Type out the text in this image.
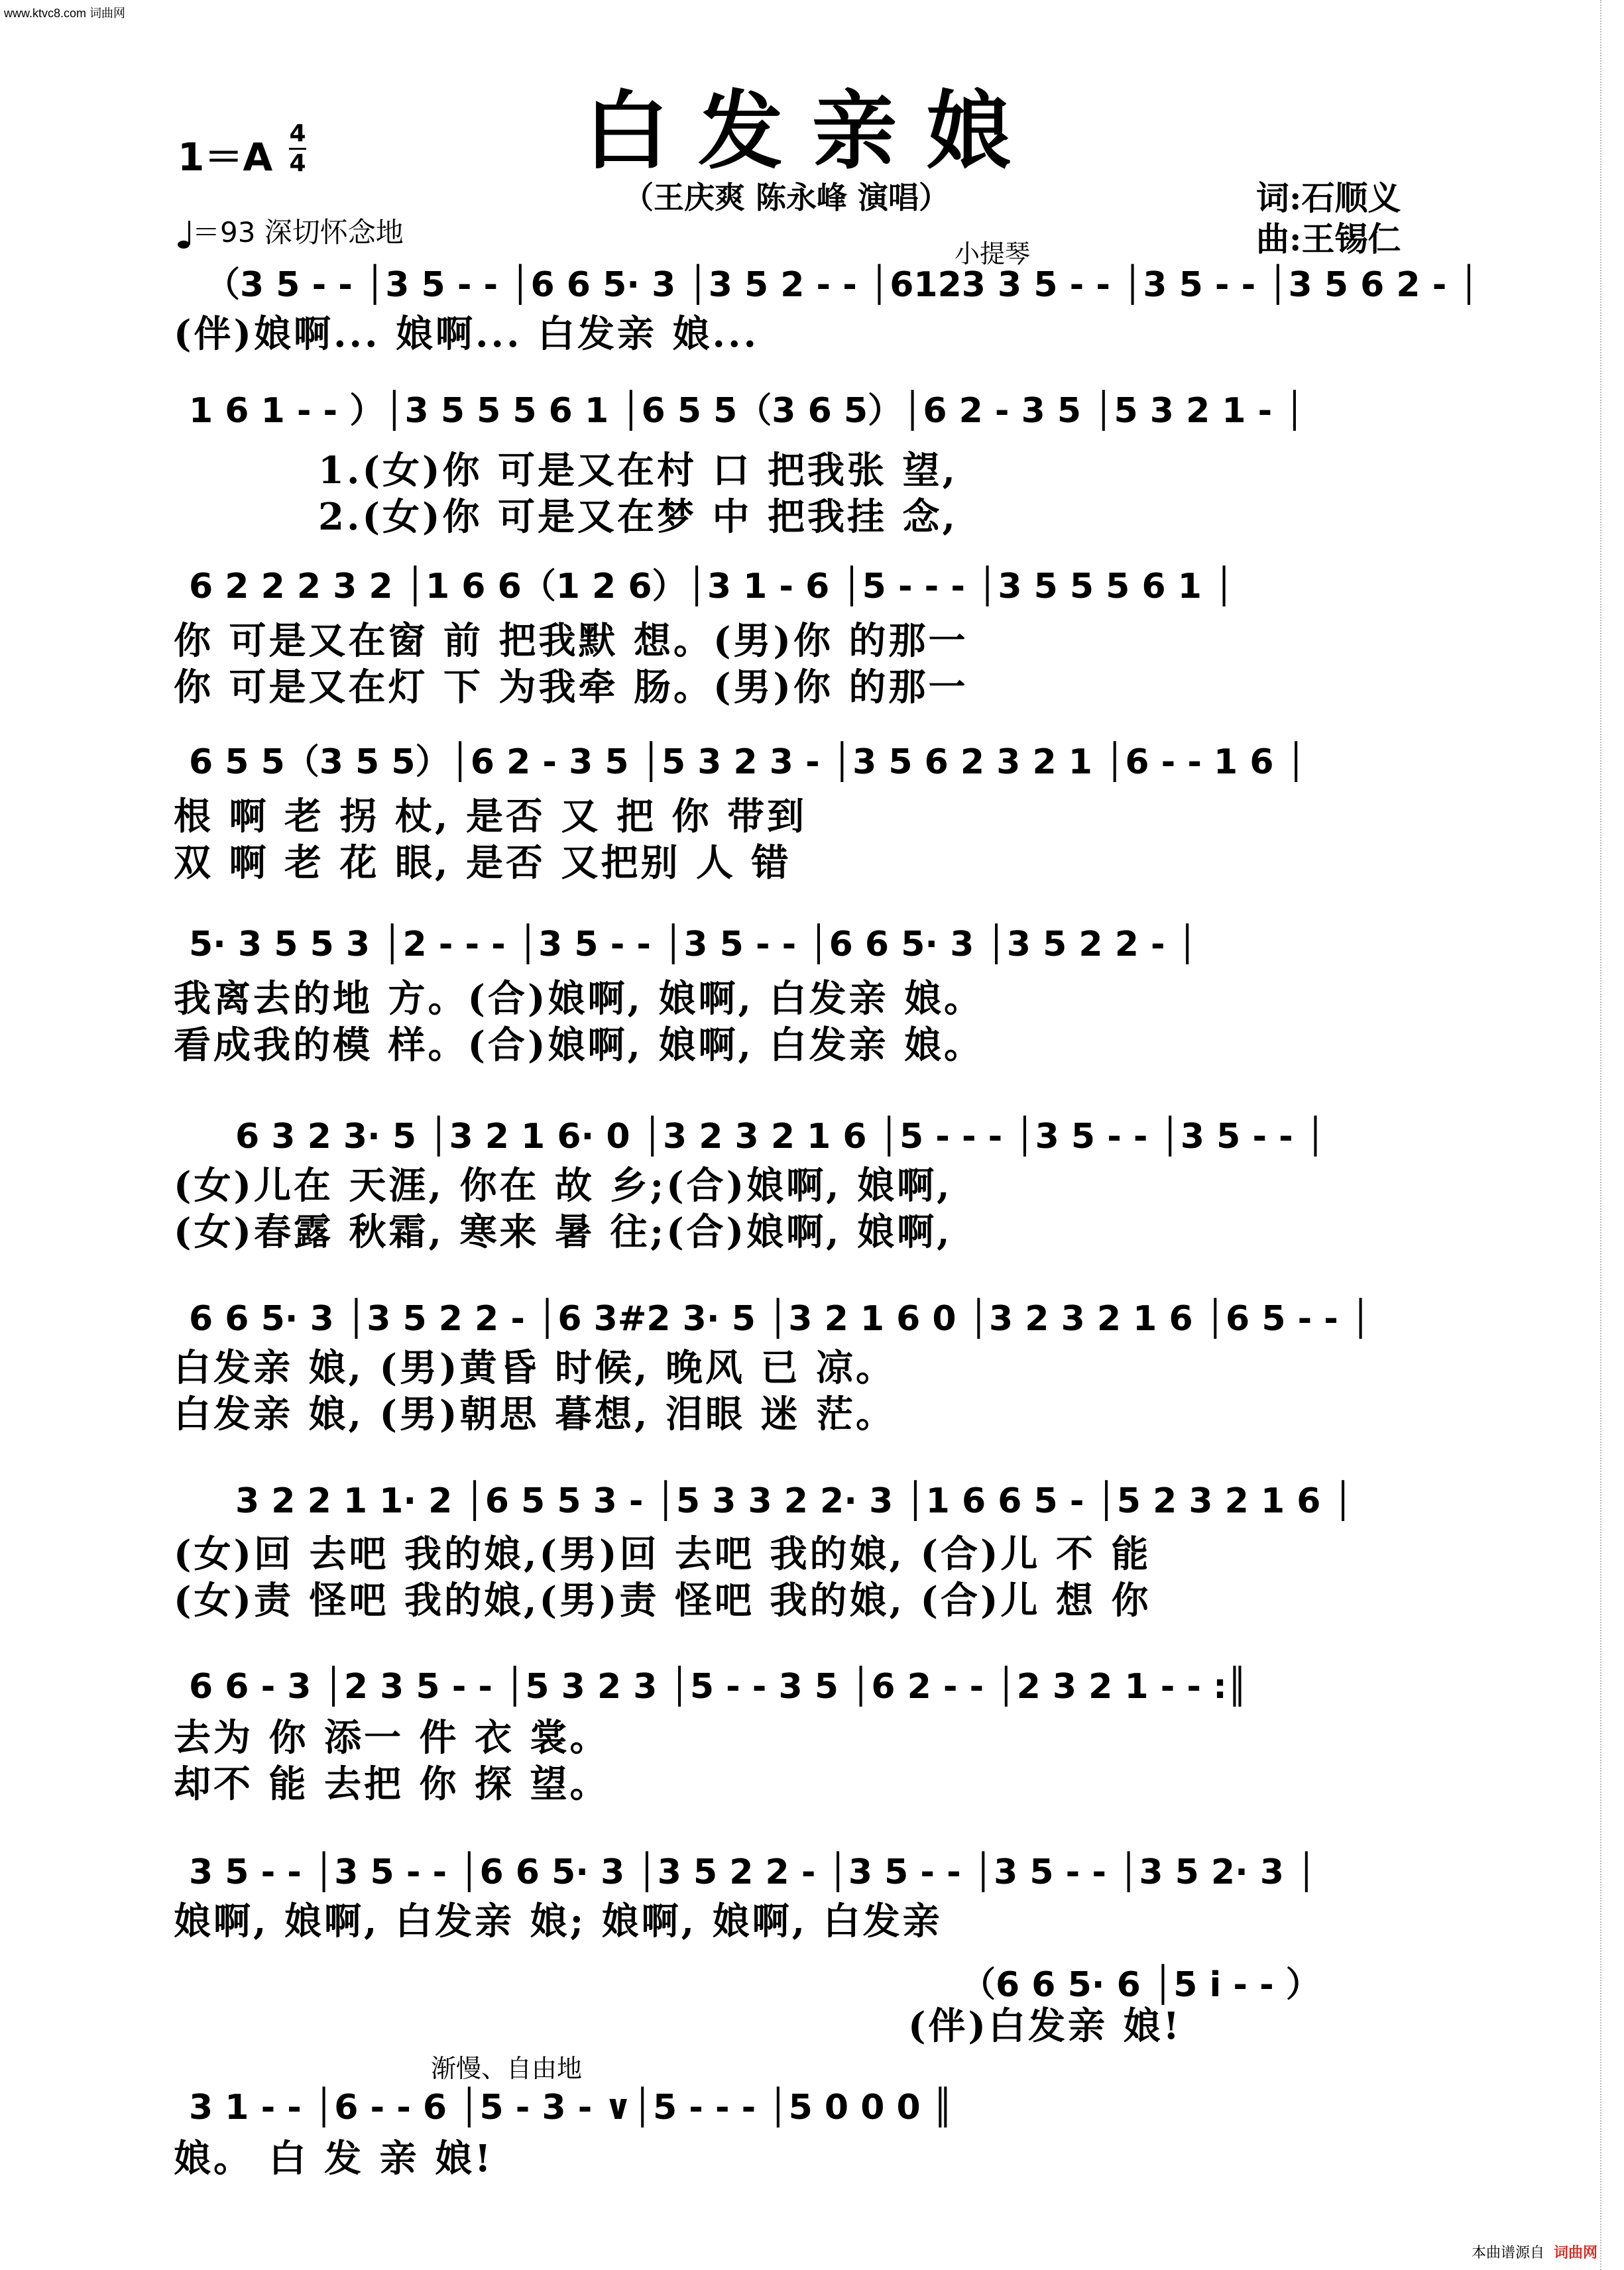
www.ktvc8.com 词曲网
白发亲娘
1＝A
4
4
＝93 深切怀念地
（王庆爽 陈永峰 演唱）	词:石顺义
曲:王锡仁
小提琴
渐慢、自由地
（3 5 - - │3 5 - - │6 6 5· 3 │3 5 2 - - │6123 3 5 - - │3 5 - - │3 5 6 2 - │
(伴)娘啊... 娘啊... 白发亲 娘...
1 6 1 - - ）│3 5 5 5 6 1 │6 5 5（3 6 5）│6 2 - 3 5 │5 3 2 1 - │
1.(女)你 可是又在村 口 把我张 望,
2.(女)你 可是又在梦 中 把我挂 念,
6 2 2 2 3 2 │1 6 6（1 2 6）│3 1 - 6 │5 - - - │3 5 5 5 6 1 │
你 可是又在窗 前 把我默 想。(男)你 的那一
你 可是又在灯 下 为我牵 肠。(男)你 的那一
6 5 5（3 5 5）│6 2 - 3 5 │5 3 2 3 - │3 5 6 2 3 2 1 │6 - - 1 6 │
根 啊 老 拐 杖, 是否 又 把 你 带到
双 啊 老 花 眼, 是否 又把别 人 错
5· 3 5 5 3 │2 - - - │3 5 - - │3 5 - - │6 6 5· 3 │3 5 2 2 - │
我离去的地 方。(合)娘啊, 娘啊, 白发亲 娘。
看成我的模 样。(合)娘啊, 娘啊, 白发亲 娘。
6 3 2 3· 5 │3 2 1 6· 0 │3 2 3 2 1 6 │5 - - - │3 5 - - │3 5 - - │
(女)儿在 天涯, 你在 故 乡;(合)娘啊, 娘啊,
(女)春露 秋霜, 寒来 暑 往;(合)娘啊, 娘啊,
6 6 5· 3 │3 5 2 2 - │6 3#2 3· 5 │3 2 1 6 0 │3 2 3 2 1 6 │6 5 - - │
白发亲 娘, (男)黄昏 时候, 晚风 已 凉。
白发亲 娘, (男)朝思 暮想, 泪眼 迷 茫。
3 2 2 1 1· 2 │6 5 5 3 - │5 3 3 2 2· 3 │1 6 6 5 - │5 2 3 2 1 6 │
(女)回 去吧 我的娘,(男)回 去吧 我的娘, (合)儿 不 能
(女)责 怪吧 我的娘,(男)责 怪吧 我的娘, (合)儿 想 你
6 6 - 3 │2 3 5 - - │5 3 2 3 │5 - - 3 5 │6 2 - - │2 3 2 1 - - :║
去为 你 添一 件 衣 裳。
却不 能 去把 你 探 望。
3 5 - - │3 5 - - │6 6 5· 3 │3 5 2 2 - │3 5 - - │3 5 - - │3 5 2· 3 │
娘啊, 娘啊, 白发亲 娘; 娘啊, 娘啊, 白发亲
（6 6 5· 6 │5 i - - ）
(伴)白发亲 娘!
3 1 - - │6 - - 6 │5 - 3 - ∨│5 - - - │5 0 0 0 ║
娘。 白 发 亲 娘!
本曲谱源自 词曲网
